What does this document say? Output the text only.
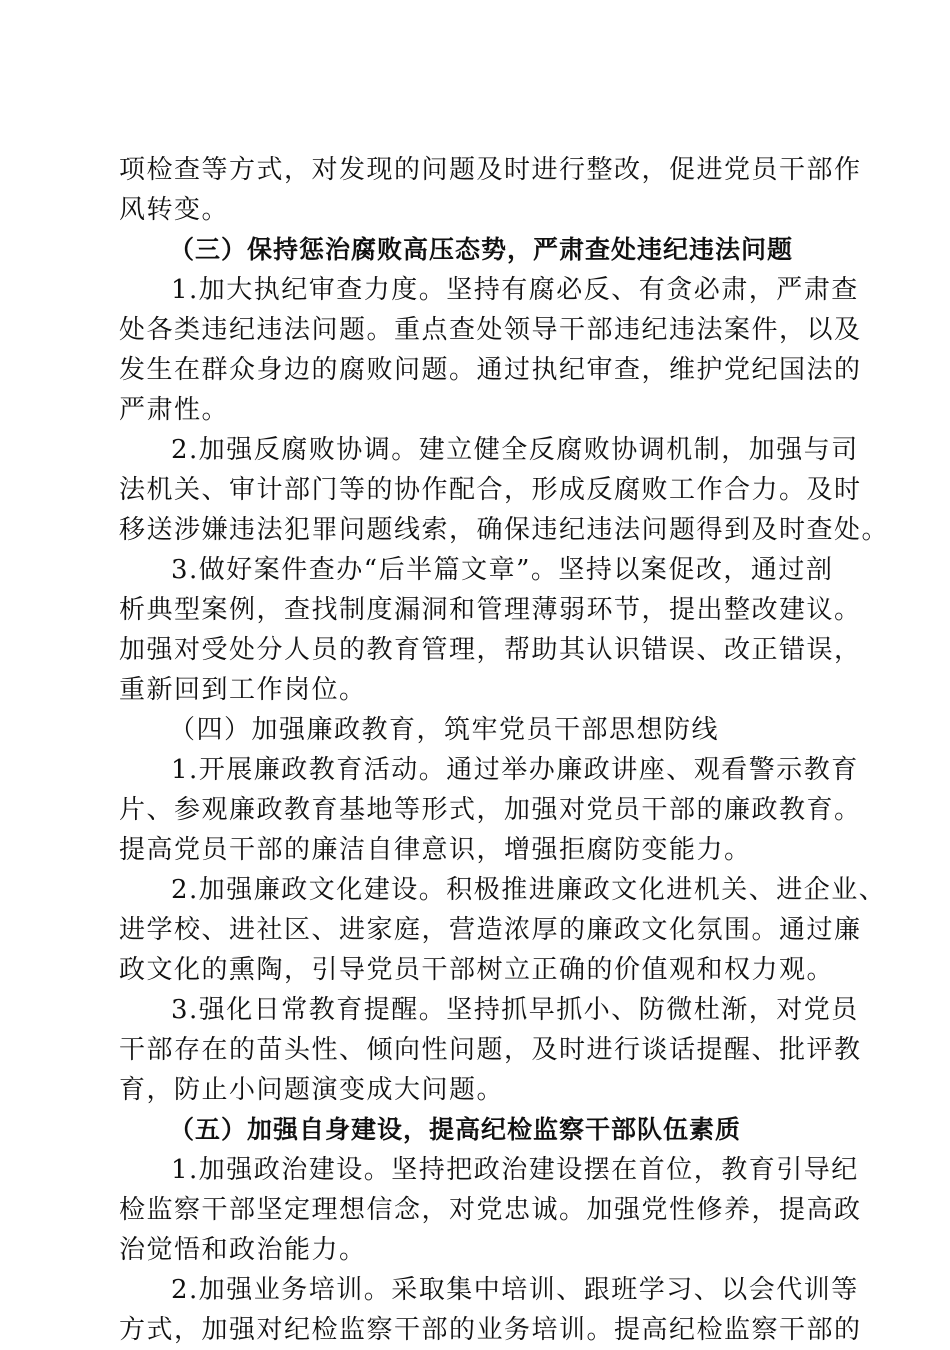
项检查等方式，对发现的问题及时进行整改，促进党员干部作
风转变。
（三）保持惩治腐败高压态势，严肃查处违纪违法问题
1.加大执纪审查力度。坚持有腐必反、有贪必肃，严肃查
处各类违纪违法问题。重点查处领导干部违纪违法案件，以及
发生在群众身边的腐败问题。通过执纪审查，维护党纪国法的
严肃性。
2.加强反腐败协调。建立健全反腐败协调机制，加强与司
法机关、审计部门等的协作配合，形成反腐败工作合力。及时
移送涉嫌违法犯罪问题线索，确保违纪违法问题得到及时查处。
3.做好案件查办“后半篇文章”。坚持以案促改，通过剖
析典型案例，查找制度漏洞和管理薄弱环节，提出整改建议。
加强对受处分人员的教育管理，帮助其认识错误、改正错误，
重新回到工作岗位。
（四）加强廉政教育，筑牢党员干部思想防线
1.开展廉政教育活动。通过举办廉政讲座、观看警示教育
片、参观廉政教育基地等形式，加强对党员干部的廉政教育。
提高党员干部的廉洁自律意识，增强拒腐防变能力。
2.加强廉政文化建设。积极推进廉政文化进机关、进企业、
进学校、进社区、进家庭，营造浓厚的廉政文化氛围。通过廉
政文化的熏陶，引导党员干部树立正确的价值观和权力观。
3.强化日常教育提醒。坚持抓早抓小、防微杜渐，对党员
干部存在的苗头性、倾向性问题，及时进行谈话提醒、批评教
育，防止小问题演变成大问题。
（五）加强自身建设，提高纪检监察干部队伍素质
1.加强政治建设。坚持把政治建设摆在首位，教育引导纪
检监察干部坚定理想信念，对党忠诚。加强党性修养，提高政
治觉悟和政治能力。
2.加强业务培训。采取集中培训、跟班学习、以会代训等
方式，加强对纪检监察干部的业务培训。提高纪检监察干部的
